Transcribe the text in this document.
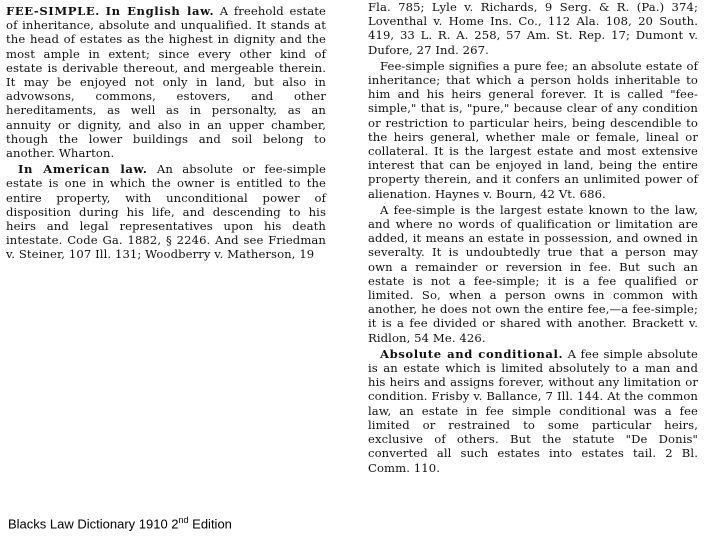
FEE-SIMPLE. In English law. A freehold estate of inheritance, absolute and unqualified. It stands at the head of estates as the highest in dignity and the most ample in extent; since every other kind of estate is derivable thereout, and mergeable therein. It may be enjoyed not only in land, but also in advowsons, commons, estovers, and other hereditaments, as well as in personalty, as an annuity or dignity, and also in an upper chamber, though the lower buildings and soil belong to another. Wharton.

In American law. An absolute or fee-simple estate is one in which the owner is entitled to the entire property, with unconditional power of disposition during his life, and descending to his heirs and legal representatives upon his death intestate. Code Ga. 1882, § 2246. And see Friedman v. Steiner, 107 Ill. 131; Woodberry v. Matherson, 19

Fla. 785; Lyle v. Richards, 9 Serg. & R. (Pa.) 374; Loventhal v. Home Ins. Co., 112 Ala. 108, 20 South. 419, 33 L. R. A. 258, 57 Am. St. Rep. 17; Dumont v. Dufore, 27 Ind. 267.

Fee-simple signifies a pure fee; an absolute estate of inheritance; that which a person holds inheritable to him and his heirs general forever. It is called "fee-simple," that is, "pure," because clear of any condition or restriction to particular heirs, being descendible to the heirs general, whether male or female, lineal or collateral. It is the largest estate and most extensive interest that can be enjoyed in land, being the entire property therein, and it confers an unlimited power of alienation. Haynes v. Bourn, 42 Vt. 686.

A fee-simple is the largest estate known to the law, and where no words of qualification or limitation are added, it means an estate in possession, and owned in severalty. It is undoubtedly true that a person may own a remainder or reversion in fee. But such an estate is not a fee-simple; it is a fee qualified or limited. So, when a person owns in common with another, he does not own the entire fee,—a fee-simple; it is a fee divided or shared with another. Brackett v. Ridlon, 54 Me. 426.

Absolute and conditional. A fee simple absolute is an estate which is limited absolutely to a man and his heirs and assigns forever, without any limitation or condition. Frisby v. Ballance, 7 Ill. 144. At the common law, an estate in fee simple conditional was a fee limited or restrained to some particular heirs, exclusive of others. But the statute "De Donis" converted all such estates into estates tail. 2 Bl. Comm. 110.

Blacks Law Dictionary 1910 2nd Edition
